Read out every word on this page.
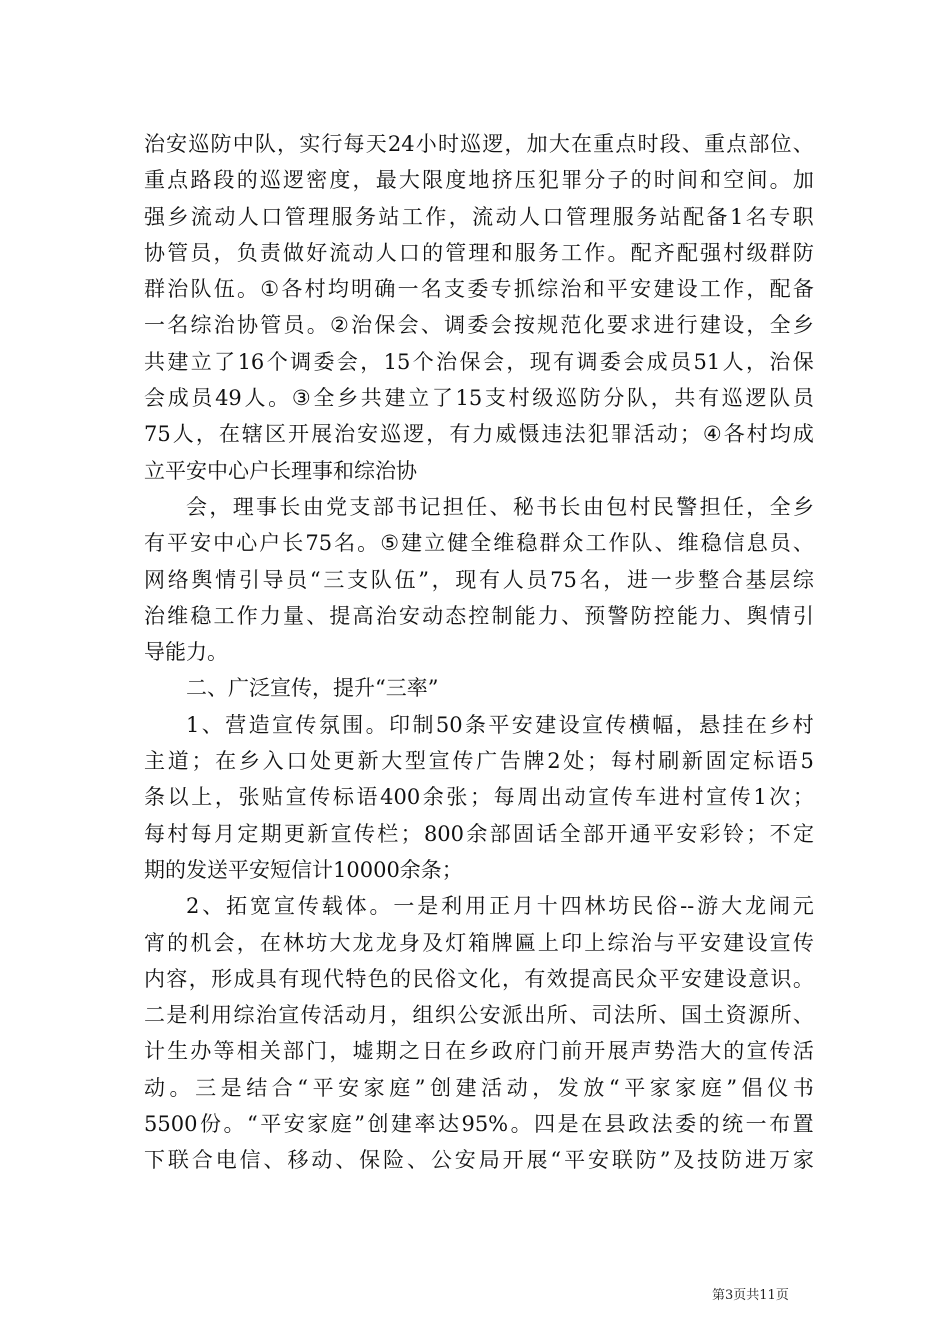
治 安 巡 防 中 队 ， 实 行 每 天 24 小 时 巡 逻 ， 加 大 在 重 点 时 段 、 重 点 部 位 、
重 点 路 段 的 巡 逻 密 度 ， 最 大 限 度 地 挤 压 犯 罪 分 子 的 时 间 和 空 间 。 加
强 乡 流 动 人 口 管 理 服 务 站 工 作 ， 流 动 人 口 管 理 服 务 站 配 备 1 名 专 职
协 管 员 ， 负 责 做 好 流 动 人 口 的 管 理 和 服 务 工 作 。 配 齐 配 强 村 级 群 防
群 治 队 伍 。 ① 各 村 均 明 确 一 名 支 委 专 抓 综 治 和 平 安 建 设 工 作 ， 配 备
一 名 综 治 协 管 员 。 ② 治 保 会 、 调 委 会 按 规 范 化 要 求 进 行 建 设 ， 全 乡
共 建 立 了 16 个 调 委 会 ， 15 个 治 保 会 ， 现 有 调 委 会 成 员 51 人 ， 治 保
会 成 员 49 人 。 ③ 全 乡 共 建 立 了 15 支 村 级 巡 防 分 队 ， 共 有 巡 逻 队 员
75 人 ， 在 辖 区 开 展 治 安 巡 逻 ， 有 力 威 慑 违 法 犯 罪 活 动 ； ④ 各 村 均 成
立平安中心户长理事和综治协
会 ， 理 事 长 由 党 支 部 书 记 担 任 、 秘 书 长 由 包 村 民 警 担 任 ， 全 乡
有 平 安 中 心 户 长 75 名 。 ⑤ 建 立 健 全 维 稳 群 众 工 作 队 、 维 稳 信 息 员 、
网 络 舆 情 引 导 员 “ 三 支 队 伍 ” ， 现 有 人 员 75 名 ， 进 一 步 整 合 基 层 综
治 维 稳 工 作 力 量 、 提 高 治 安 动 态 控 制 能 力 、 预 警 防 控 能 力 、 舆 情 引
导能力。
二、广泛宣传，提升“三率”
1 、 营 造 宣 传 氛 围 。 印 制 50 条 平 安 建 设 宣 传 横 幅 ， 悬 挂 在 乡 村
主 道 ； 在 乡 入 口 处 更 新 大 型 宣 传 广 告 牌 2 处 ； 每 村 刷 新 固 定 标 语 5
条 以 上 ， 张 贴 宣 传 标 语 400 余 张 ； 每 周 出 动 宣 传 车 进 村 宣 传 1 次 ；
每 村 每 月 定 期 更 新 宣 传 栏 ； 800 余 部 固 话 全 部 开 通 平 安 彩 铃 ； 不 定
期的发送平安短信计10000余条；
2 、 拓 宽 宣 传 载 体 。 一 是 利 用 正 月 十 四 林 坊 民 俗 -- 游 大 龙 闹 元
宵 的 机 会 ， 在 林 坊 大 龙 龙 身 及 灯 箱 牌 匾 上 印 上 综 治 与 平 安 建 设 宣 传
内 容 ， 形 成 具 有 现 代 特 色 的 民 俗 文 化 ， 有 效 提 高 民 众 平 安 建 设 意 识 。
二 是 利 用 综 治 宣 传 活 动 月 ， 组 织 公 安 派 出 所 、 司 法 所 、 国 土 资 源 所 、
计 生 办 等 相 关 部 门 ， 墟 期 之 日 在 乡 政 府 门 前 开 展 声 势 浩 大 的 宣 传 活
动 。 三 是 结 合 “ 平 安 家 庭 ” 创 建 活 动 ， 发 放 “ 平 家 家 庭 ” 倡 仪 书
5500 份 。 “ 平 安 家 庭 ” 创 建 率 达 95% 。 四 是 在 县 政 法 委 的 统 一 布 置
下 联 合 电 信 、 移 动 、 保 险 、 公 安 局 开 展 “ 平 安 联 防 ” 及 技 防 进 万 家
第3页共11页
